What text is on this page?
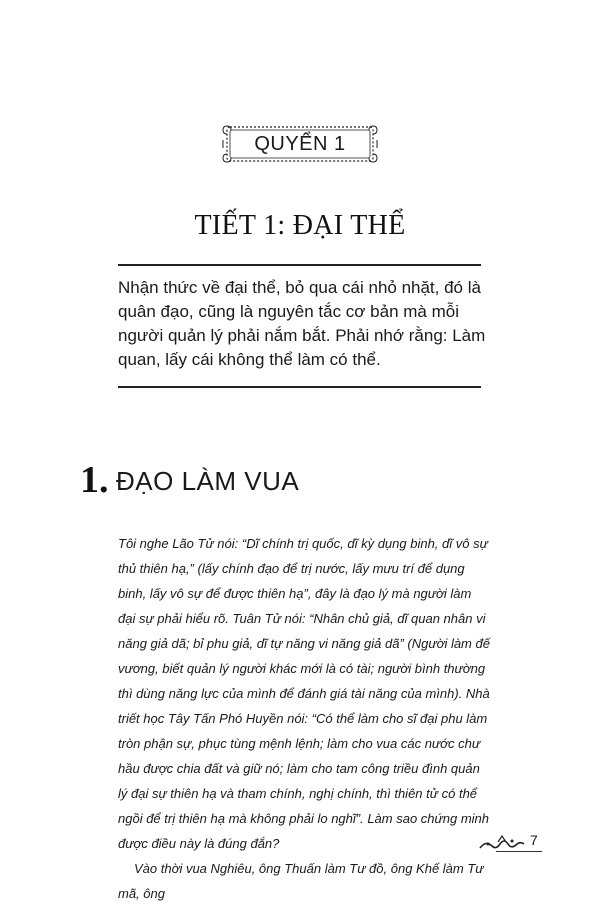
QUYỂN 1
TIẾT 1: ĐẠI THỂ

Nhận thức về đại thể, bỏ qua cái nhỏ nhặt, đó là quân đạo, cũng là nguyên tắc cơ bản mà mỗi người quản lý phải nắm bắt. Phải nhớ rằng: Làm quan, lấy cái không thể làm có thể.

1. ĐẠO LÀM VUA

Tôi nghe Lão Tử nói: “Dĩ chính trị quốc, dĩ kỳ dụng binh, dĩ vô sự thủ thiên hạ,” (lấy chính đạo để trị nước, lấy mưu trí để dụng binh, lấy vô sự để được thiên hạ”, đây là đạo lý mà người làm đại sự phải hiểu rõ. Tuân Tử nói: “Nhân chủ giả, dĩ quan nhân vi năng giả dã; bỉ phu giả, dĩ tự năng vi năng giả dã” (Người làm đế vương, biết quản lý người khác mới là có tài; người bình thường thì dùng năng lực của mình để đánh giá tài năng của mình). Nhà triết học Tây Tấn Phó Huyền nói: “Có thể làm cho sĩ đại phu làm tròn phận sự, phục tùng mệnh lệnh; làm cho vua các nước chư hầu được chia đất và giữ nó; làm cho tam công triều đình quản lý đại sự thiên hạ và tham chính, nghị chính, thì thiên tử có thể ngồi để trị thiên hạ mà không phải lo nghĩ”. Làm sao chứng minh được điều này là đúng đắn?

Vào thời vua Nghiêu, ông Thuấn làm Tư đồ, ông Khế làm Tư mã, ông

7
